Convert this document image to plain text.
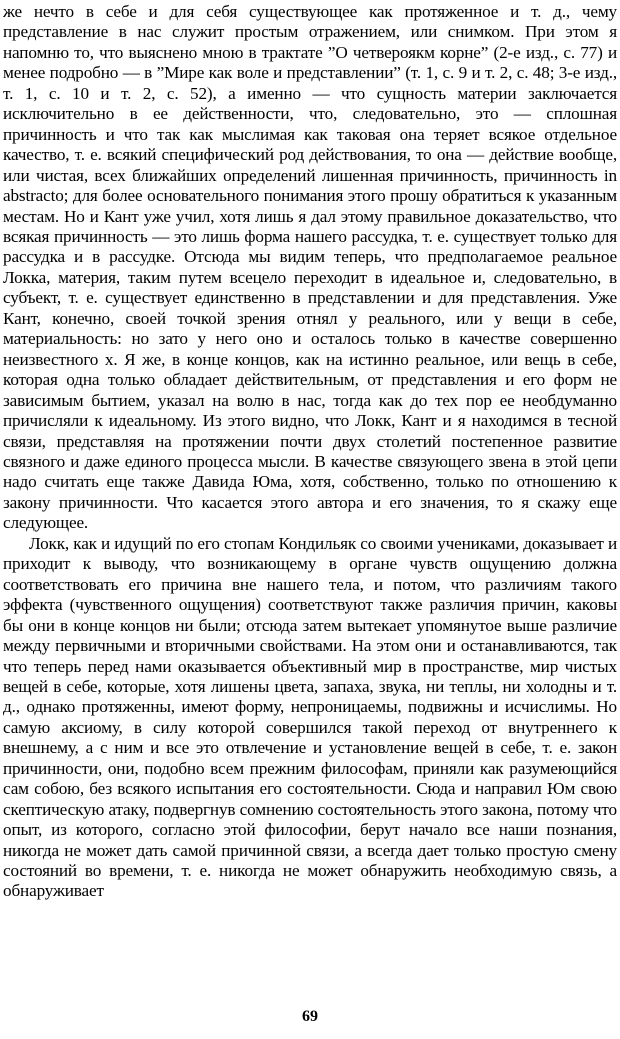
же нечто в себе и для себя существующее как протяженное и т. д., чему представление в нас служит простым отражением, или снимком. При этом я напомню то, что выяснено мною в трактате ”О четвероякм корне” (2-е изд., с. 77) и менее подробно — в ”Мире как воле и представлении” (т. 1, с. 9 и т. 2, с. 48; 3-е изд., т. 1, с. 10 и т. 2, с. 52), а именно — что сущность материи заключается исключительно в ее действенности, что, следовательно, это — сплошная причинность и что так как мыслимая как таковая она теряет всякое отдельное качество, т. е. всякий специфический род действования, то она — действие вообще, или чистая, всех ближайших определений лишенная причинность, причинность in abstracto; для более основательного понимания этого прошу обратиться к указанным местам. Но и Кант уже учил, хотя лишь я дал этому правильное доказательство, что всякая причинность — это лишь форма нашего рассудка, т. е. существует только для рассудка и в рассудке. Отсюда мы видим теперь, что предполагаемое реальное Локка, материя, таким путем всецело переходит в идеальное и, следовательно, в субъект, т. е. существует единственно в представлении и для представления. Уже Кант, конечно, своей точкой зрения отнял у реального, или у вещи в себе, материальность: но зато у него оно и осталось только в качестве совершенно неизвестного x. Я же, в конце концов, как на истинно реальное, или вещь в себе, которая одна только обладает действительным, от представления и его форм не зависимым бытием, указал на волю в нас, тогда как до тех пор ее необдуманно причисляли к идеальному. Из этого видно, что Локк, Кант и я находимся в тесной связи, представляя на протяжении почти двух столетий постепенное развитие связного и даже единого процесса мысли. В качестве связующего звена в этой цепи надо считать еще также Давида Юма, хотя, собственно, только по отношению к закону причинности. Что касается этого автора и его значения, то я скажу еще следующее.

Локк, как и идущий по его стопам Кондильяк со своими учениками, доказывает и приходит к выводу, что возникающему в органе чувств ощущению должна соответствовать его причина вне нашего тела, и потом, что различиям такого эффекта (чувственного ощущения) соответствуют также различия причин, каковы бы они в конце концов ни были; отсюда затем вытекает упомянутое выше различие между первичными и вторичными свойствами. На этом они и останавливаются, так что теперь перед нами оказывается объективный мир в пространстве, мир чистых вещей в себе, которые, хотя лишены цвета, запаха, звука, ни теплы, ни холодны и т. д., однако протяженны, имеют форму, непроницаемы, подвижны и исчислимы. Но самую аксиому, в силу которой совершился такой переход от внутреннего к внешнему, а с ним и все это отвлечение и установление вещей в себе, т. е. закон причинности, они, подобно всем прежним философам, приняли как разумеющийся сам собою, без всякого испытания его состоятельности. Сюда и направил Юм свою скептическую атаку, подвергнув сомнению состоятельность этого закона, потому что опыт, из которого, согласно этой философии, берут начало все наши познания, никогда не может дать самой причинной связи, а всегда дает только простую смену состояний во времени, т. е. никогда не может обнаружить необходимую связь, а обнаруживает

69
